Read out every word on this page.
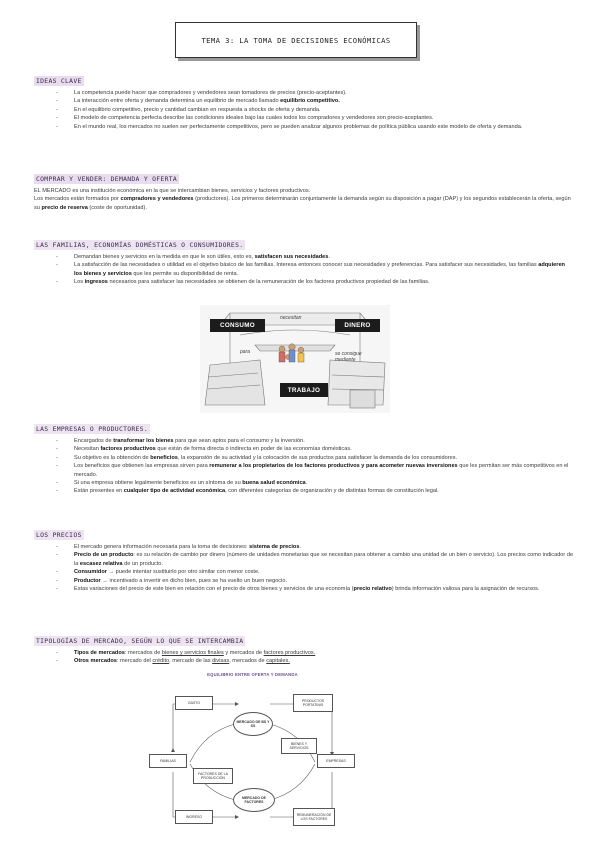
TEMA 3: LA TOMA DE DECISIONES ECONÓMICAS
IDEAS CLAVE
- La competencia puede hacer que compradores y vendedores sean tomadores de precios (precio-aceptantes).
- La interacción entre oferta y demanda determina un equilibrio de mercado llamado equilibrio competitivo.
- En el equilibrio competitivo, precio y cantidad cambian en respuesta a shocks de oferta y demanda.
- El modelo de competencia perfecta describe las condiciones ideales bajo las cuales todos los compradores y vendedores son precio-aceptantes.
- En el mundo real, los mercados no suelen ser perfectamente competitivos, pero se pueden analizar algunos problemas de política pública usando este modelo de oferta y demanda.
COMPRAR Y VENDER: DEMANDA Y OFERTA
EL MERCADO es una institución económica en la que se intercambian bienes, servicios y factores productivos.
Los mercados están formados por compradores y vendedores (productores). Los primeros determinarán conjuntamente la demanda según su disposición a pagar (DAP) y los segundos establecerán la oferta, según su precio de reserva (coste de oportunidad).
LAS FAMILIAS, ECONOMÍAS DOMÉSTICAS O CONSUMIDORES.
- Demandan bienes y servicios en la medida en que le son útiles, esto es, satisfacen sus necesidades.
- La satisfacción de las necesidades o utilidad es el objetivo básico de las familias. Interesa entonces conocer sus necesidades y preferencias. Para satisfacer sus necesidades, las familias adquieren los bienes y servicios que les permite su disponibilidad de renta.
- Los ingresos necesarios para satisfacer las necesidades se obtienen de la remuneración de los factores productivos propiedad de las familias.
CONSUMO	DINERO
TRABAJO
necesitan
para	se consigue mediante
LAS EMPRESAS O PRODUCTORES.
- Encargados de transformar los bienes para que sean aptos para el consumo y la inversión.
- Necesitan factores productivos que están de forma directa o indirecta en poder de las economías domésticas.
- Su objetivo es la obtención de beneficios, la expansión de su actividad y la colocación de sus productos para satisfacer la demanda de los consumidores.
- Los beneficios que obtienen las empresas sirven para remunerar a los propietarios de los factores productivos y para acometer nuevas inversiones que les permitan ser más competitivos en el mercado.
- Si una empresa obtiene legalmente beneficios es un síntoma de su buena salud económica.
- Están presentes en cualquier tipo de actividad económica, con diferentes categorías de organización y de distintas formas de constitución legal.
LOS PRECIOS
- El mercado genera información necesaria para la toma de decisiones: sistema de precios.
- Precio de un producto: es su relación de cambio por dinero (número de unidades monetarias que se necesitan para obtener a cambio una unidad de un bien o servicio). Los precios como indicador de la escasez relativa de un producto.
- Consumidor → puede intentar sustituirlo por otro similar con menor coste.
- Productor → incentivado a invertir en dicho bien, pues se ha vuelto un buen negocio.
- Estas variaciones del precio de este bien en relación con el precio de otros bienes y servicios de una economía (precio relativo) brinda información valiosa para la asignación de recursos.
TIPOLOGÍAS DE MERCADO, SEGÚN LO QUE SE INTERCAMBIA
- Tipos de mercados: mercados de bienes y servicios finales y mercados de factores productivos.
- Otros mercados: mercado del crédito, mercado de las divisas, mercados de capitales.
EQUILIBRIO ENTRE OFERTA Y DEMANDA
GASTO
PRODUCTOS PORTATINIS
MERCADO DE BS Y SS
BIENES Y SERVICIOS
FAMILIAS	EMPRESAS
FACTORES DE LA PRODUCCIÓN
MERCADO DE FACTORES
INGRESO
REMUNERACIÓN DE LOS FACTORES
